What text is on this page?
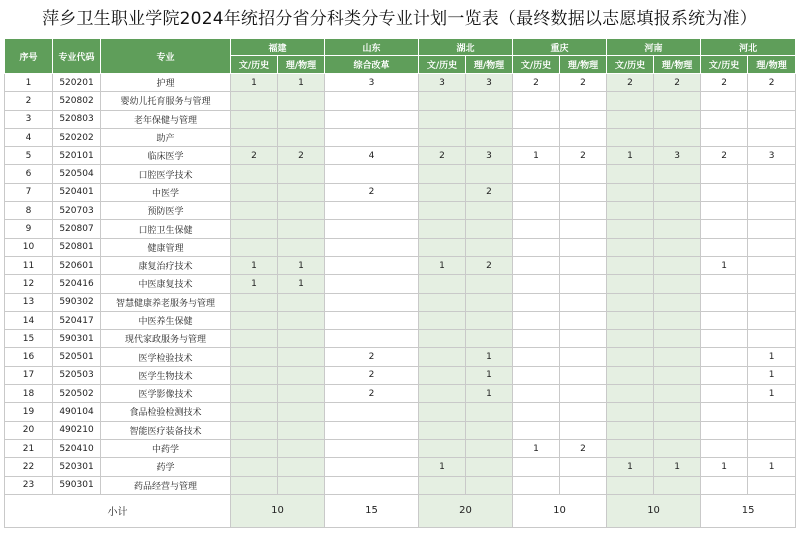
萍乡卫生职业学院2024年统招分省分科类分专业计划一览表（最终数据以志愿填报系统为准）
序号	专业代码	专业	福建		山东	湖北		重庆		河南		河北	
			文/历史	理/物理	综合改革	文/历史	理/物理	文/历史	理/物理	文/历史	理/物理	文/历史	理/物理
1	520201	护理	1	1	3	3	3	2	2	2	2	2	2
2	520802	婴幼儿托育服务与管理											
3	520803	老年保健与管理											
4	520202	助产											
5	520101	临床医学	2	2	4	2	3	1	2	1	3	2	3
6	520504	口腔医学技术											
7	520401	中医学			2		2						
8	520703	预防医学											
9	520807	口腔卫生保健											
10	520801	健康管理											
11	520601	康复治疗技术	1	1		1	2					1	
12	520416	中医康复技术	1	1									
13	590302	智慧健康养老服务与管理											
14	520417	中医养生保健											
15	590301	现代家政服务与管理											
16	520501	医学检验技术			2		1						1
17	520503	医学生物技术			2		1						1
18	520502	医学影像技术			2		1						1
19	490104	食品检验检测技术											
20	490210	智能医疗装备技术											
21	520410	中药学						1	2				
22	520301	药学				1				1	1	1	1
23	590301	药品经营与管理											
小计			10		15	20		10		10		15	
